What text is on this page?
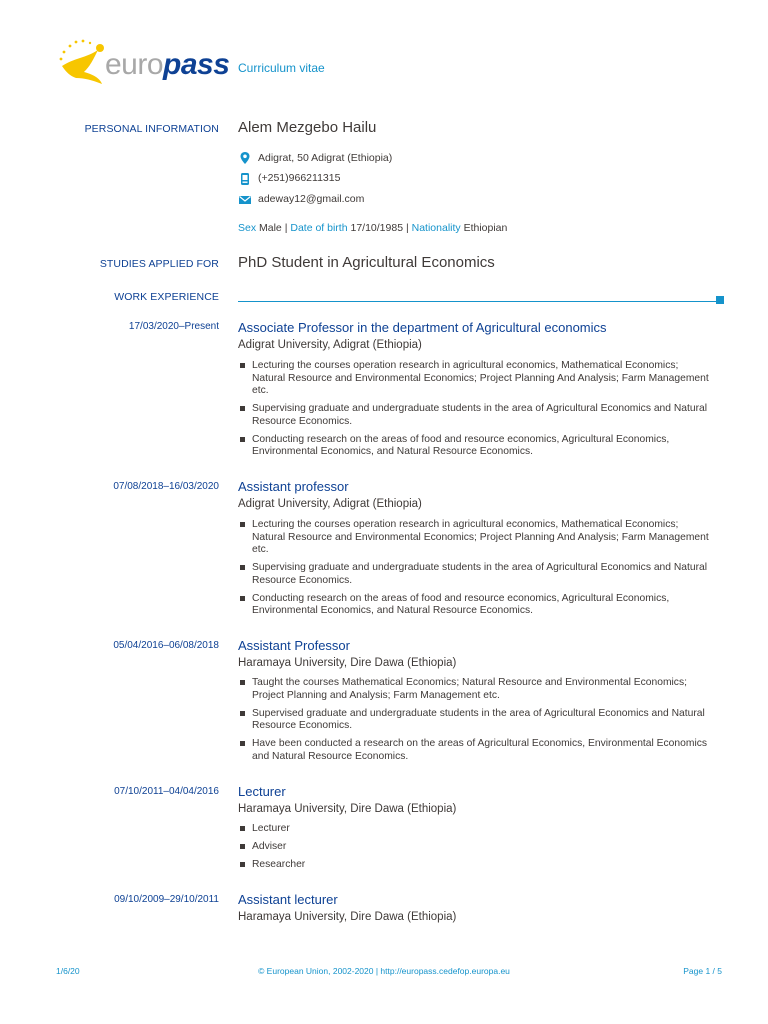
europass Curriculum vitae
PERSONAL INFORMATION Alem Mezgebo Hailu
Adigrat, 50 Adigrat (Ethiopia)
(+251)966211315
adeway12@gmail.com
Sex Male | Date of birth 17/10/1985 | Nationality Ethiopian
STUDIES APPLIED FOR PhD Student in Agricultural Economics
WORK EXPERIENCE
17/03/2020–Present Associate Professor in the department of Agricultural economics
Adigrat University, Adigrat (Ethiopia)
Lecturing the courses operation research in agricultural economics, Mathematical Economics; Natural Resource and Environmental Economics; Project Planning And Analysis; Farm Management etc.
Supervising graduate and undergraduate students in the area of Agricultural Economics and Natural Resource Economics.
Conducting research on the areas of food and resource economics, Agricultural Economics, Environmental Economics, and Natural Resource Economics.
07/08/2018–16/03/2020 Assistant professor
Adigrat University, Adigrat (Ethiopia)
Lecturing the courses operation research in agricultural economics, Mathematical Economics; Natural Resource and Environmental Economics; Project Planning And Analysis; Farm Management etc.
Supervising graduate and undergraduate students in the area of Agricultural Economics and Natural Resource Economics.
Conducting research on the areas of food and resource economics, Agricultural Economics, Environmental Economics, and Natural Resource Economics.
05/04/2016–06/08/2018 Assistant Professor
Haramaya University, Dire Dawa (Ethiopia)
Taught the courses Mathematical Economics; Natural Resource and Environmental Economics; Project Planning and Analysis; Farm Management etc.
Supervised graduate and undergraduate students in the area of Agricultural Economics and Natural Resource Economics.
Have been conducted a research on the areas of Agricultural Economics, Environmental Economics and Natural Resource Economics.
07/10/2011–04/04/2016 Lecturer
Haramaya University, Dire Dawa (Ethiopia)
Lecturer
Adviser
Researcher
09/10/2009–29/10/2011 Assistant lecturer
Haramaya University, Dire Dawa (Ethiopia)
1/6/20	© European Union, 2002-2020 | http://europass.cedefop.europa.eu	Page 1 / 5
